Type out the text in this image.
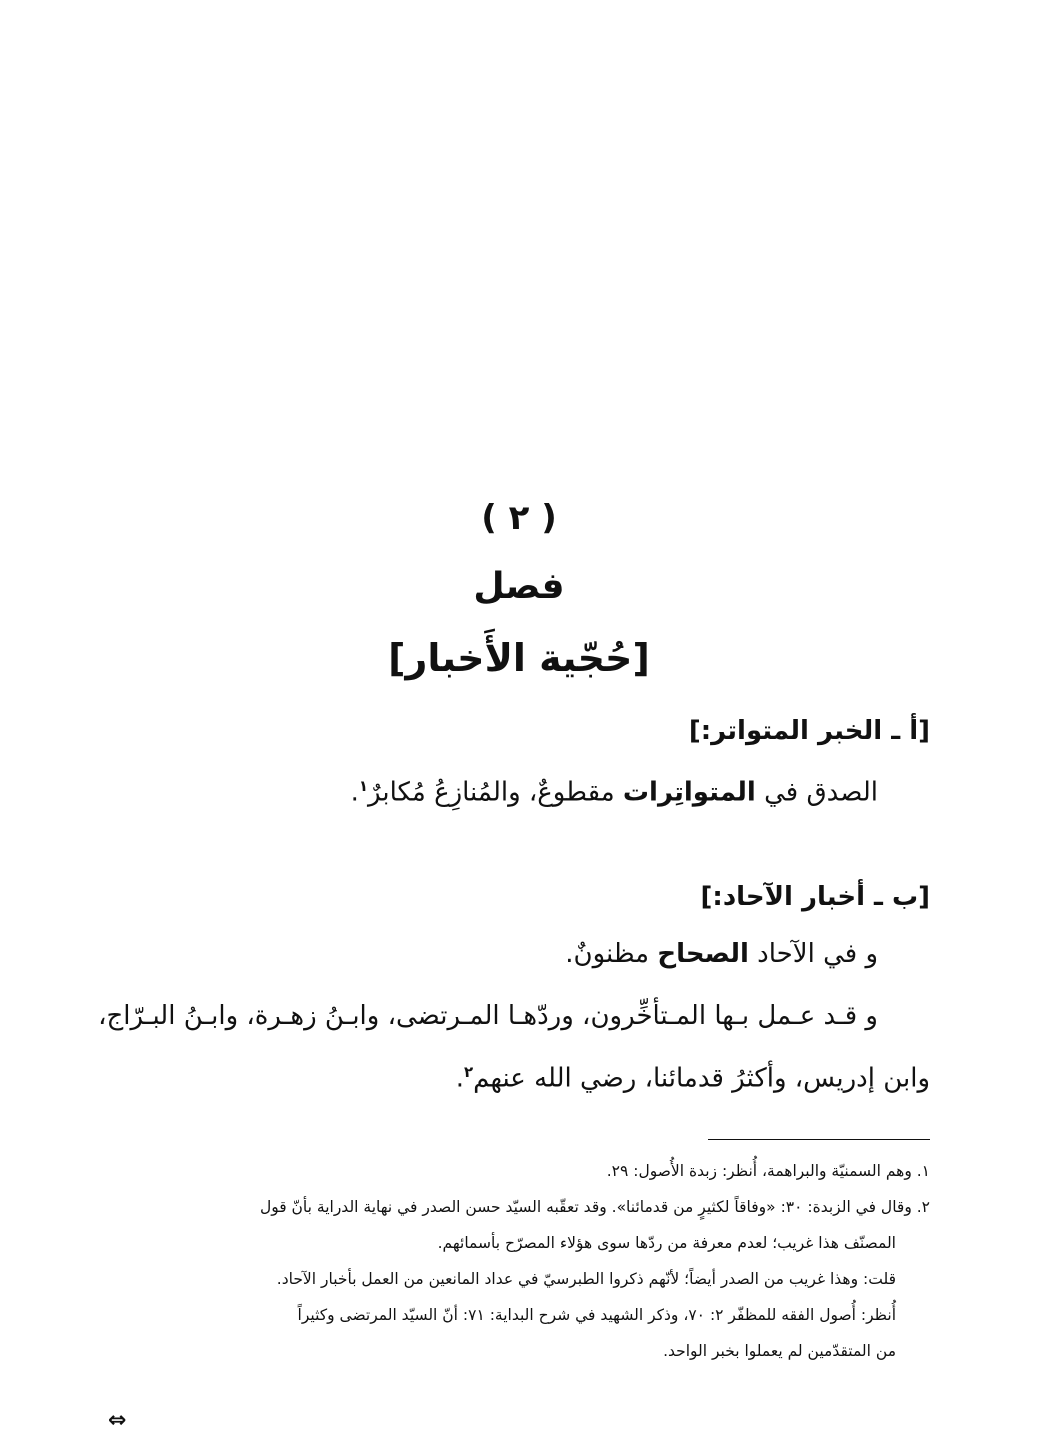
( ٢ )
فصل
[حُجّية الأَخبار]
[أ ـ الخبر المتواتر:]
الصدق في المتواتِرات مقطوعٌ، والمُنازِعُ مُكابرٌ$^١$.
[ب ـ أخبار الآحاد:]
و في الآحاد الصحاح مظنونٌ.
و قـد عـمل بـها المـتأخِّرون، وردّهـا المـرتضى، وابـنُ زهـرة، وابـنُ البـرّاج،
وابن إدريس، وأكثرُ قدمائنا، رضي الله عنهم$^٢$.
١. وهم السمنيّة والبراهمة، أُنظر: زبدة الأُصول: ٢٩.
٢. وقال في الزبدة: ٣٠: «وفاقاً لكثيرٍ من قدمائنا». وقد تعقّبه السيّد حسن الصدر في نهاية الدراية بأنّ قول
المصنّف هذا غريب؛ لعدم معرفة من ردّها سوى هؤلاء المصرّح بأسمائهم.
قلت: وهذا غريب من الصدر أيضاً؛ لأنّهم ذكروا الطبرسيّ في عداد المانعين من العمل بأخبار الآحاد.
أُنظر: أُصول الفقه للمظفّر ٢: ٧٠، وذكر الشهيد في شرح البداية: ٧١: أنّ السيّد المرتضى وكثيراً
من المتقدّمين لم يعملوا بخبر الواحد.
⇔
